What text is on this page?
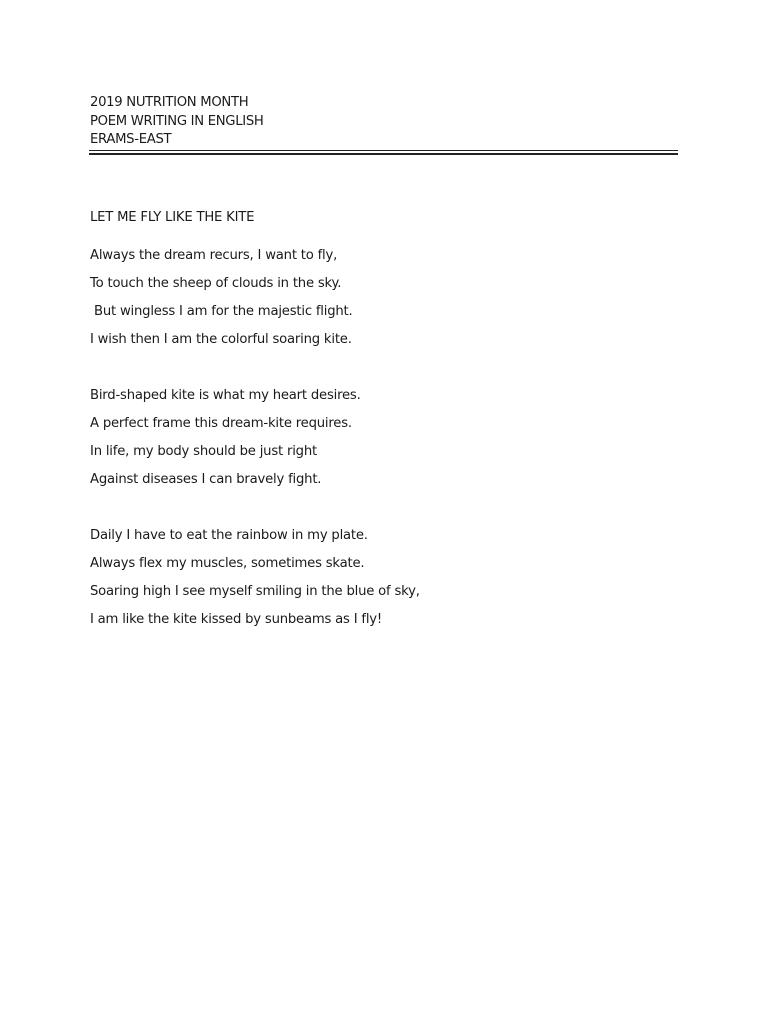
2019 NUTRITION MONTH
POEM WRITING IN ENGLISH
ERAMS-EAST
LET ME FLY LIKE THE KITE
Always the dream recurs, I want to fly,
To touch the sheep of clouds in the sky.
But wingless I am for the majestic flight.
I wish then I am the colorful soaring kite.
Bird-shaped kite is what my heart desires.
A perfect frame this dream-kite requires.
In life, my body should be just right
Against diseases I can bravely fight.
Daily I have to eat the rainbow in my plate.
Always flex my muscles, sometimes skate.
Soaring high I see myself smiling in the blue of sky,
I am like the kite kissed by sunbeams as I fly!
